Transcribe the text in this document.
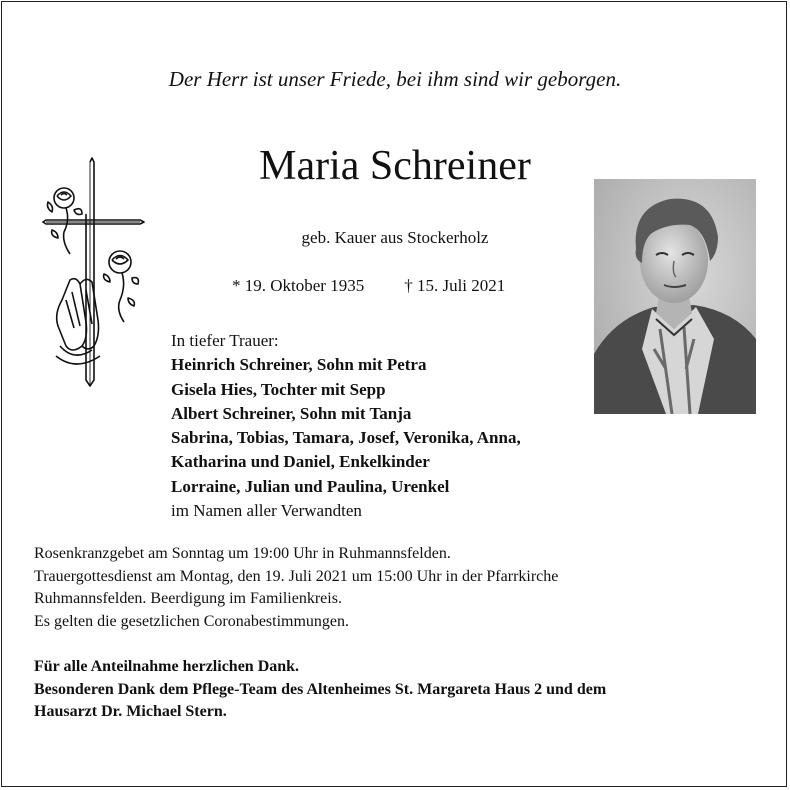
Der Herr ist unser Friede, bei ihm sind wir geborgen.
Maria Schreiner
geb. Kauer aus Stockerholz
* 19. Oktober 1935 † 15. Juli 2021
In tiefer Trauer:
Heinrich Schreiner, Sohn mit Petra
Gisela Hies, Tochter mit Sepp
Albert Schreiner, Sohn mit Tanja
Sabrina, Tobias, Tamara, Josef, Veronika, Anna,
Katharina und Daniel, Enkelkinder
Lorraine, Julian und Paulina, Urenkel
im Namen aller Verwandten
Rosenkranzgebet am Sonntag um 19:00 Uhr in Ruhmannsfelden.
Trauergottesdienst am Montag, den 19. Juli 2021 um 15:00 Uhr in der Pfarrkirche
Ruhmannsfelden. Beerdigung im Familienkreis.
Es gelten die gesetzlichen Coronabestimmungen.
Für alle Anteilnahme herzlichen Dank.
Besonderen Dank dem Pflege-Team des Altenheimes St. Margareta Haus 2 und dem
Hausarzt Dr. Michael Stern.
